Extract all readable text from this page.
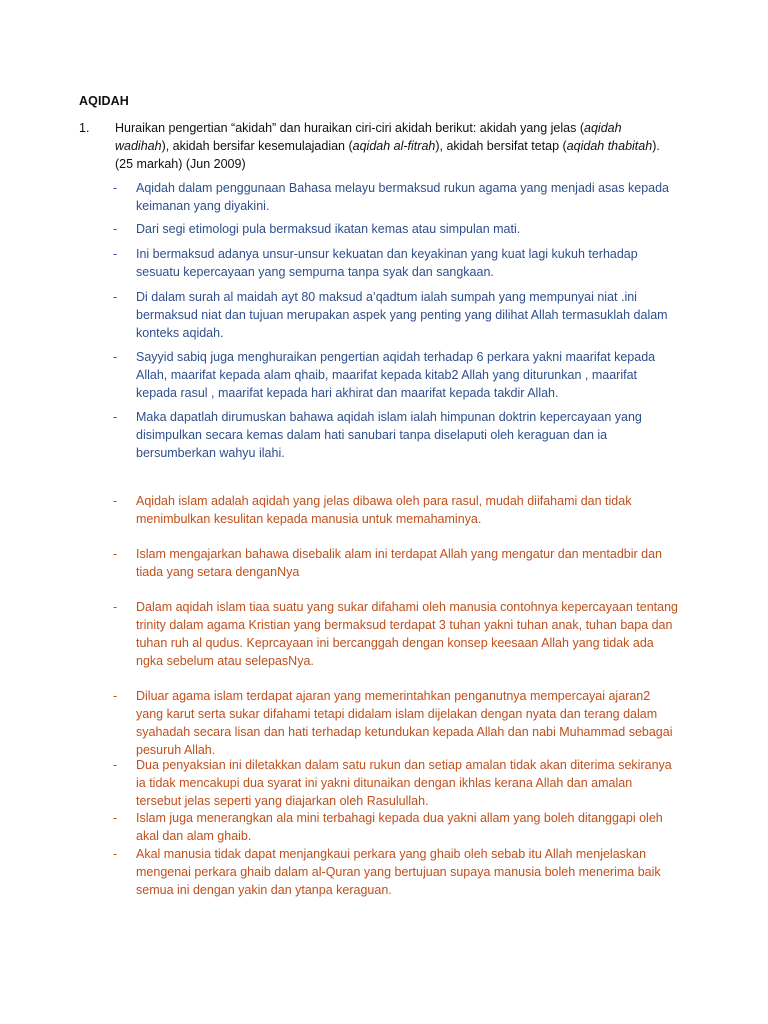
AQIDAH
1. Huraikan pengertian “akidah” dan huraikan ciri-ciri akidah berikut: akidah yang jelas (aqidah wadihah), akidah bersifar kesemulajadian (aqidah al-fitrah), akidah bersifat tetap (aqidah thabitah). (25 markah) (Jun 2009)
- Aqidah dalam penggunaan Bahasa melayu bermaksud rukun agama yang menjadi asas kepada keimanan yang diyakini.
- Dari segi etimologi pula bermaksud ikatan kemas atau simpulan mati.
- Ini bermaksud adanya unsur-unsur kekuatan dan keyakinan yang kuat lagi kukuh terhadap sesuatu kepercayaan yang sempurna tanpa syak dan sangkaan.
- Di dalam surah al maidah ayt 80 maksud a’qadtum ialah sumpah yang mempunyai niat .ini bermaksud niat dan tujuan merupakan aspek yang penting yang dilihat Allah termasuklah dalam konteks aqidah.
- Sayyid sabiq juga menghuraikan pengertian aqidah terhadap 6 perkara yakni maarifat kepada Allah, maarifat kepada alam qhaib, maarifat kepada kitab2 Allah yang diturunkan , maarifat kepada rasul , maarifat kepada hari akhirat dan maarifat kepada takdir Allah.
- Maka dapatlah dirumuskan bahawa aqidah islam ialah himpunan doktrin kepercayaan yang disimpulkan secara kemas dalam hati sanubari tanpa diselaputi oleh keraguan dan ia bersumberkan wahyu ilahi.
- Aqidah islam adalah aqidah yang jelas dibawa oleh para rasul, mudah diifahami dan tidak menimbulkan kesulitan kepada manusia untuk memahaminya.
- Islam mengajarkan bahawa disebalik alam ini terdapat Allah yang mengatur dan mentadbir dan tiada yang setara denganNya
- Dalam aqidah islam tiaa suatu yang sukar difahami oleh manusia contohnya kepercayaan tentang trinity dalam agama Kristian yang bermaksud terdapat 3 tuhan yakni tuhan anak, tuhan bapa dan tuhan ruh al qudus. Keprcayaan ini bercanggah dengan konsep keesaan Allah yang tidak ada ngka sebelum atau selepasNya.
- Diluar agama islam terdapat ajaran yang memerintahkan penganutnya mempercayai ajaran2 yang karut serta sukar difahami tetapi didalam islam dijelakan dengan nyata dan terang dalam syahadah secara lisan dan hati terhadap ketundukan kepada Allah dan nabi Muhammad sebagai pesuruh Allah.
- Dua penyaksian ini diletakkan dalam satu rukun dan setiap amalan tidak akan diterima sekiranya ia tidak mencakupi dua syarat ini yakni ditunaikan dengan ikhlas kerana Allah dan amalan tersebut jelas seperti yang diajarkan oleh Rasulullah.
- Islam juga menerangkan ala mini terbahagi kepada dua yakni allam yang boleh ditanggapi oleh akal dan alam ghaib.
- Akal manusia tidak dapat menjangkaui perkara yang ghaib oleh sebab itu Allah menjelaskan mengenai perkara ghaib dalam al-Quran yang bertujuan supaya manusia boleh menerima baik semua ini dengan yakin dan ytanpa keraguan.
